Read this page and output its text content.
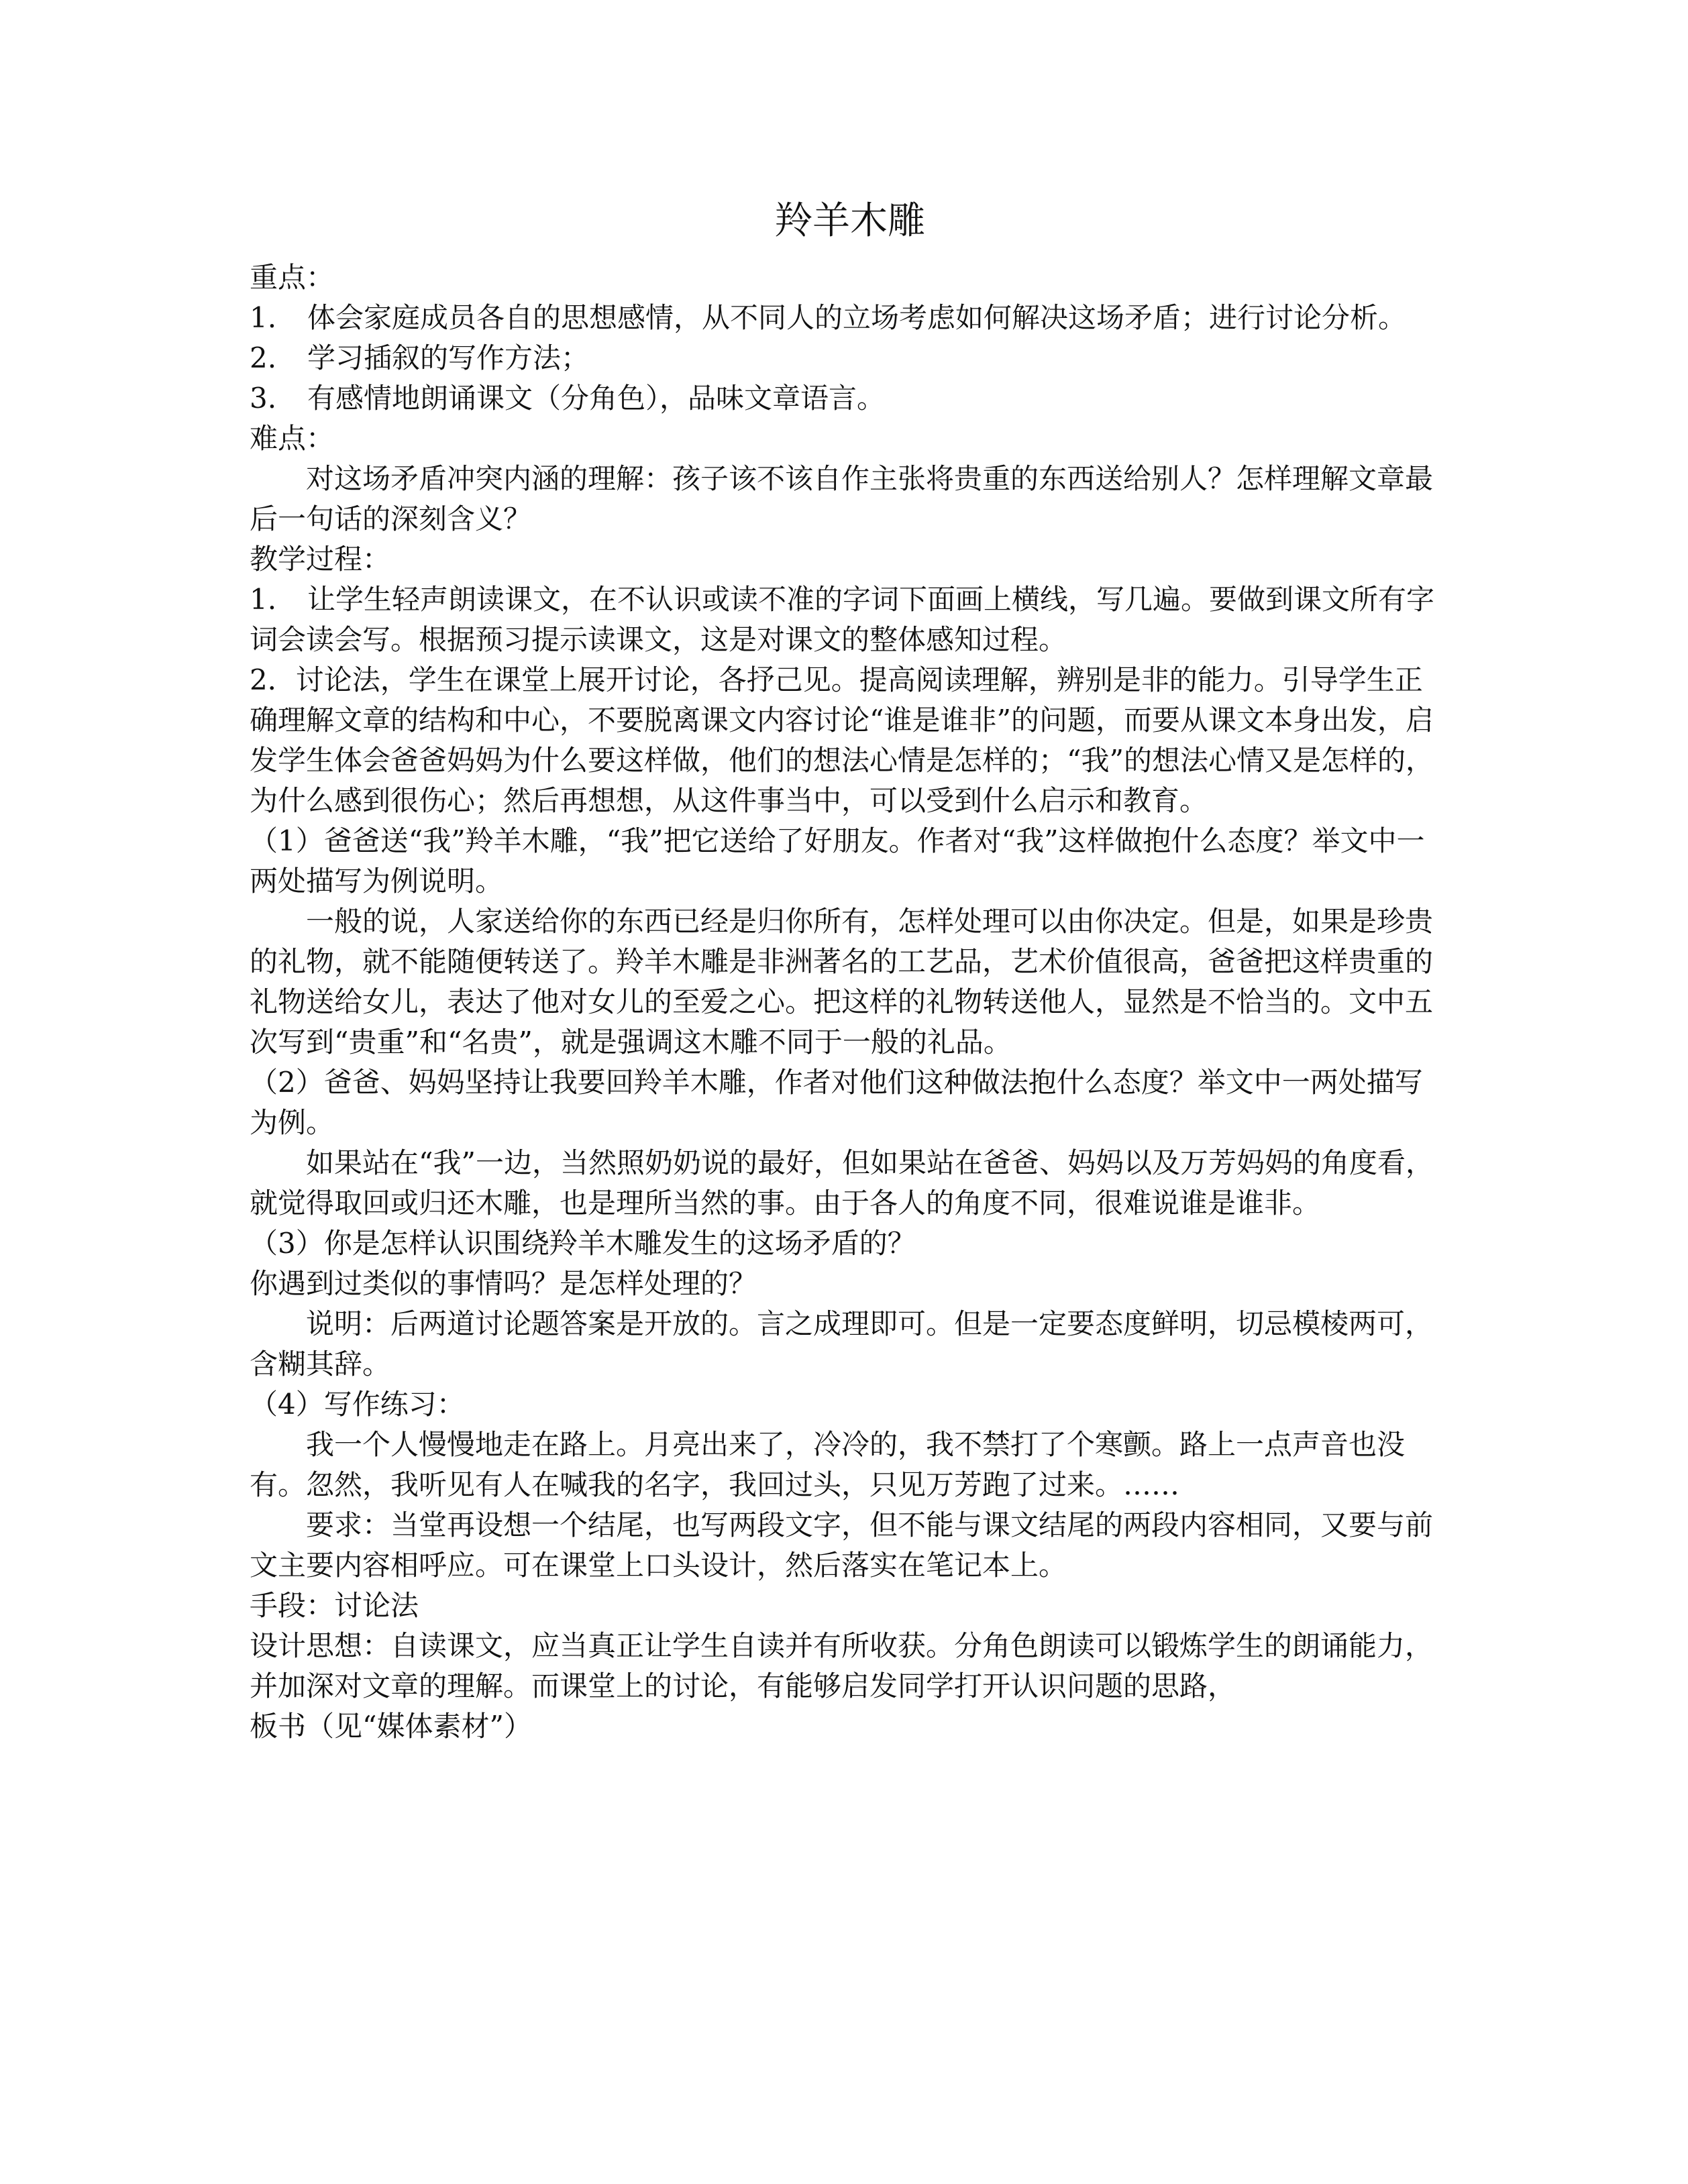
羚羊木雕

重点：

1. 体会家庭成员各自的思想感情，从不同人的立场考虑如何解决这场矛盾；进行讨论分析。

2. 学习插叙的写作方法；

3. 有感情地朗诵课文（分角色），品味文章语言。

难点：

对这场矛盾冲突内涵的理解：孩子该不该自作主张将贵重的东西送给别人？怎样理解文章最后一句话的深刻含义？

教学过程：

1. 让学生轻声朗读课文，在不认识或读不准的字词下面画上横线，写几遍。要做到课文所有字词会读会写。根据预习提示读课文，这是对课文的整体感知过程。

2．讨论法，学生在课堂上展开讨论，各抒己见。提高阅读理解，辨别是非的能力。引导学生正确理解文章的结构和中心，不要脱离课文内容讨论“谁是谁非”的问题，而要从课文本身出发，启发学生体会爸爸妈妈为什么要这样做，他们的想法心情是怎样的；“我”的想法心情又是怎样的，为什么感到很伤心；然后再想想，从这件事当中，可以受到什么启示和教育。

（1）爸爸送“我”羚羊木雕，“我”把它送给了好朋友。作者对“我”这样做抱什么态度？举文中一两处描写为例说明。

一般的说，人家送给你的东西已经是归你所有，怎样处理可以由你决定。但是，如果是珍贵的礼物，就不能随便转送了。羚羊木雕是非洲著名的工艺品，艺术价值很高，爸爸把这样贵重的礼物送给女儿，表达了他对女儿的至爱之心。把这样的礼物转送他人，显然是不恰当的。文中五次写到“贵重”和“名贵”，就是强调这木雕不同于一般的礼品。

（2）爸爸、妈妈坚持让我要回羚羊木雕，作者对他们这种做法抱什么态度？举文中一两处描写为例。

如果站在“我”一边，当然照奶奶说的最好，但如果站在爸爸、妈妈以及万芳妈妈的角度看，就觉得取回或归还木雕，也是理所当然的事。由于各人的角度不同，很难说谁是谁非。

（3）你是怎样认识围绕羚羊木雕发生的这场矛盾的？

你遇到过类似的事情吗？是怎样处理的？

说明：后两道讨论题答案是开放的。言之成理即可。但是一定要态度鲜明，切忌模棱两可，含糊其辞。

（4）写作练习：

我一个人慢慢地走在路上。月亮出来了，冷冷的，我不禁打了个寒颤。路上一点声音也没有。忽然，我听见有人在喊我的名字，我回过头，只见万芳跑了过来。……

要求：当堂再设想一个结尾，也写两段文字，但不能与课文结尾的两段内容相同，又要与前文主要内容相呼应。可在课堂上口头设计，然后落实在笔记本上。

手段：讨论法

设计思想：自读课文，应当真正让学生自读并有所收获。分角色朗读可以锻炼学生的朗诵能力，并加深对文章的理解。而课堂上的讨论，有能够启发同学打开认识问题的思路，

板书（见“媒体素材”）
